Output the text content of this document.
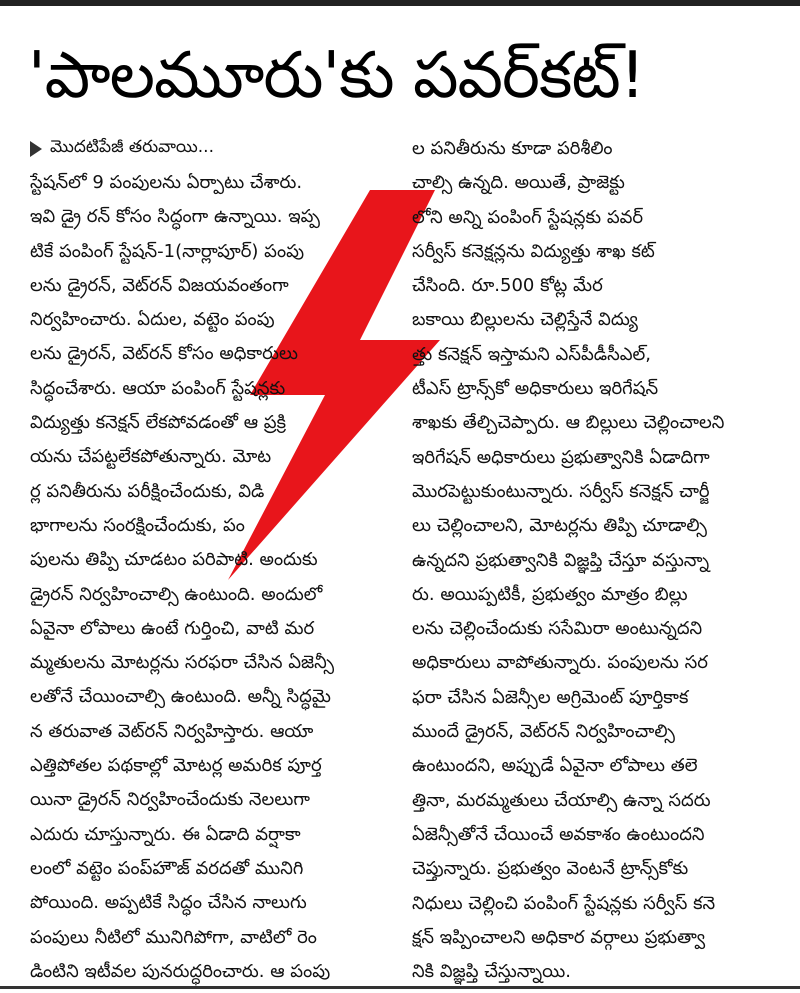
'పాలమూరు'కు పవర్‌కట్!
మొదటిపేజీ తరువాయి...
స్టేషన్‌లో 9 పంపులను ఏర్పాటు చేశారు.
ఇవి డ్రై రన్ కోసం సిద్ధంగా ఉన్నాయి. ఇప్ప
టికే పంపింగ్ స్టేషన్-1(నార్లాపూర్) పంపు
లను డ్రైరన్, వెట్‌రన్ విజయవంతంగా
నిర్వహించారు. ఏదుల, వట్టెం పంపు
లను డ్రైరన్, వెట్‌రన్ కోసం అధికారులు
సిద్ధంచేశారు. ఆయా పంపింగ్ స్టేషన్లకు
విద్యుత్తు కనెక్షన్ లేకపోవడంతో ఆ ప్రక్రి
యను చేపట్టలేకపోతున్నారు. మోట
ర్ల పనితీరును పరీక్షించేందుకు, విడి
భాగాలను సంరక్షించేందుకు, పం
పులను తిప్పి చూడటం పరిపాటి. అందుకు
డ్రైరన్ నిర్వహించాల్సి ఉంటుంది. అందులో
ఏవైనా లోపాలు ఉంటే గుర్తించి, వాటి మర
మ్మతులను మోటర్లను సరఫరా చేసిన ఏజెన్సీ
లతోనే చేయించాల్సి ఉంటుంది. అన్నీ సిద్ధమై
న తరువాత వెట్‌రన్ నిర్వహిస్తారు. ఆయా
ఎత్తిపోతల పథకాల్లో మోటర్ల అమరిక పూర్త
యినా డ్రైరన్ నిర్వహించేందుకు నెలలుగా
ఎదురు చూస్తున్నారు. ఈ ఏడాది వర్షాకా
లంలో వట్టెం పంప్‌హౌజ్ వరదతో మునిగి
పోయింది. అప్పటికే సిద్ధం చేసిన నాలుగు
పంపులు నీటిలో మునిగిపోగా, వాటిలో రెం
డింటిని ఇటీవల పునరుద్ధరించారు. ఆ పంపు
ల పనితీరును కూడా పరిశీలిం
చాల్సి ఉన్నది. అయితే, ప్రాజెక్టు
లోని అన్ని పంపింగ్ స్టేషన్లకు పవర్
సర్వీస్ కనెక్షన్లను విద్యుత్తు శాఖ కట్
చేసింది. రూ.500 కోట్ల మేర
బకాయి బిల్లులను చెల్లిస్తేనే విద్యు
త్తు కనెక్షన్ ఇస్తామని ఎస్‌పీడీసీఎల్,
టీఎస్ ట్రాన్స్‌కో అధికారులు ఇరిగేషన్
శాఖకు తేల్చిచెప్పారు. ఆ బిల్లులు చెల్లించాలని
ఇరిగేషన్ అధికారులు ప్రభుత్వానికి ఏడాదిగా
మొరపెట్టుకుంటున్నారు. సర్వీస్ కనెక్షన్ చార్జీ
లు చెల్లించాలని, మోటర్లను తిప్పి చూడాల్సి
ఉన్నదని ప్రభుత్వానికి విజ్ఞప్తి చేస్తూ వస్తున్నా
రు. అయిప్పటికీ, ప్రభుత్వం మాత్రం బిల్లు
లను చెల్లించేందుకు ససేమిరా అంటున్నదని
అధికారులు వాపోతున్నారు. పంపులను సర
ఫరా చేసిన ఏజెన్సీల అగ్రిమెంట్ పూర్తికాక
ముందే డ్రైరన్, వెట్‌రన్ నిర్వహించాల్సి
ఉంటుందని, అప్పుడే ఏవైనా లోపాలు తలె
త్తినా, మరమ్మతులు చేయాల్సి ఉన్నా సదరు
ఏజెన్సీతోనే చేయించే అవకాశం ఉంటుందని
చెప్తున్నారు. ప్రభుత్వం వెంటనే ట్రాన్స్‌కోకు
నిధులు చెల్లించి పంపింగ్ స్టేషన్లకు సర్వీస్ కనె
క్షన్ ఇప్పించాలని అధికార వర్గాలు ప్రభుత్వా
నికి విజ్ఞప్తి చేస్తున్నాయి.
